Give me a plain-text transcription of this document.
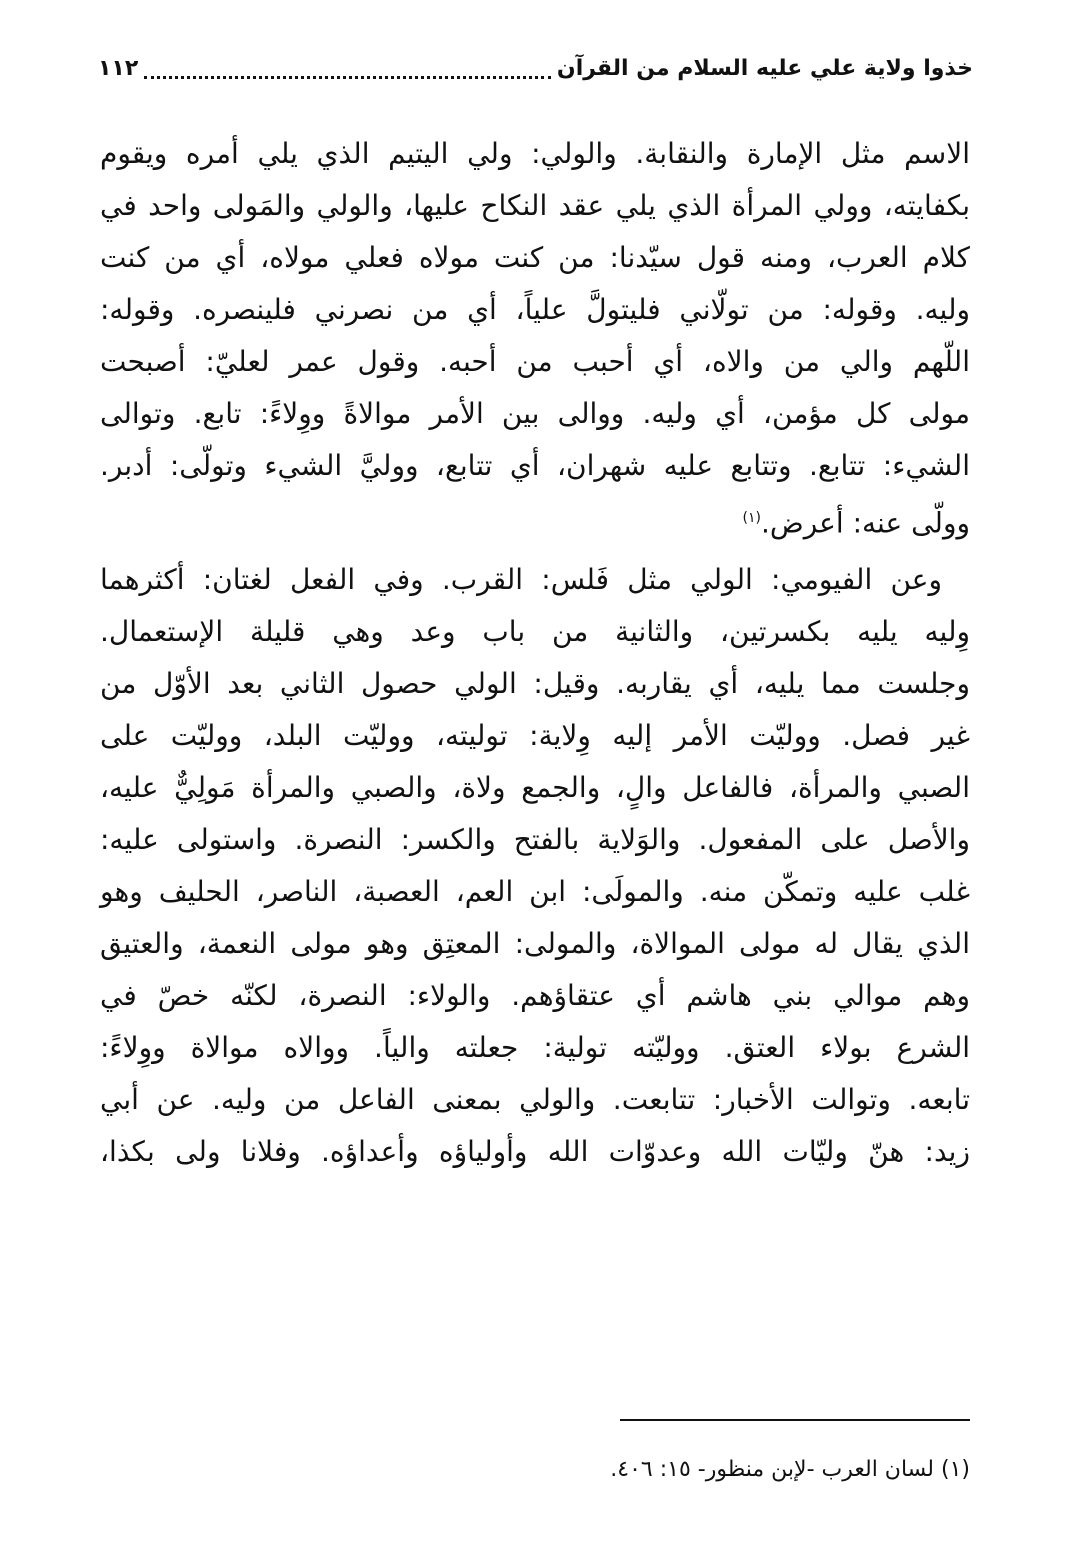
خذوا ولاية علي عليه السلام من القرآن
١١٢
الاسم مثل الإمارة والنقابة. والولي: ولي اليتيم الذي يلي أمره ويقوم
بكفايته، وولي المرأة الذي يلي عقد النكاح عليها، والولي والمَولى واحد في
كلام العرب، ومنه قول سيّدنا: من كنت مولاه فعلي مولاه، أي من كنت
وليه. وقوله: من تولّاني فليتولَّ علياً، أي من نصرني فلينصره. وقوله:
اللّهم والي من والاه، أي أحبب من أحبه. وقول عمر لعليّ: أصبحت
مولى كل مؤمن، أي وليه. ووالى بين الأمر موالاةً ووِلاءً: تابع. وتوالى
الشيء: تتابع. وتتابع عليه شهران، أي تتابع، ووليَّ الشيء وتولّى: أدبر.
وولّى عنه: أعرض.$^{(١)}$
وعن الفيومي: الولي مثل فَلس: القرب. وفي الفعل لغتان: أكثرهما
وِليه يليه بكسرتين، والثانية من باب وعد وهي قليلة الإستعمال.
وجلست مما يليه، أي يقاربه. وقيل: الولي حصول الثاني بعد الأوّل من
غير فصل. ووليّت الأمر إليه وِلاية: توليته، ووليّت البلد، ووليّت على
الصبي والمرأة، فالفاعل والٍ، والجمع ولاة، والصبي والمرأة مَولِيٌّ عليه،
والأصل على المفعول. والوَلاية بالفتح والكسر: النصرة. واستولى عليه:
غلب عليه وتمكّن منه. والمولَى: ابن العم، العصبة، الناصر، الحليف وهو
الذي يقال له مولى الموالاة، والمولى: المعتِق وهو مولى النعمة، والعتيق
وهم موالي بني هاشم أي عتقاؤهم. والولاء: النصرة، لكنّه خصّ في
الشرع بولاء العتق. ووليّته تولية: جعلته والياً. ووالاه موالاة ووِلاءً:
تابعه. وتوالت الأخبار: تتابعت. والولي بمعنى الفاعل من وليه. عن أبي
زيد: هنّ وليّات الله وعدوّات الله وأولياؤه وأعداؤه. وفلانا ولى بكذا،
(١) لسان العرب -لإبن منظور- ١٥: ٤٠٦.
